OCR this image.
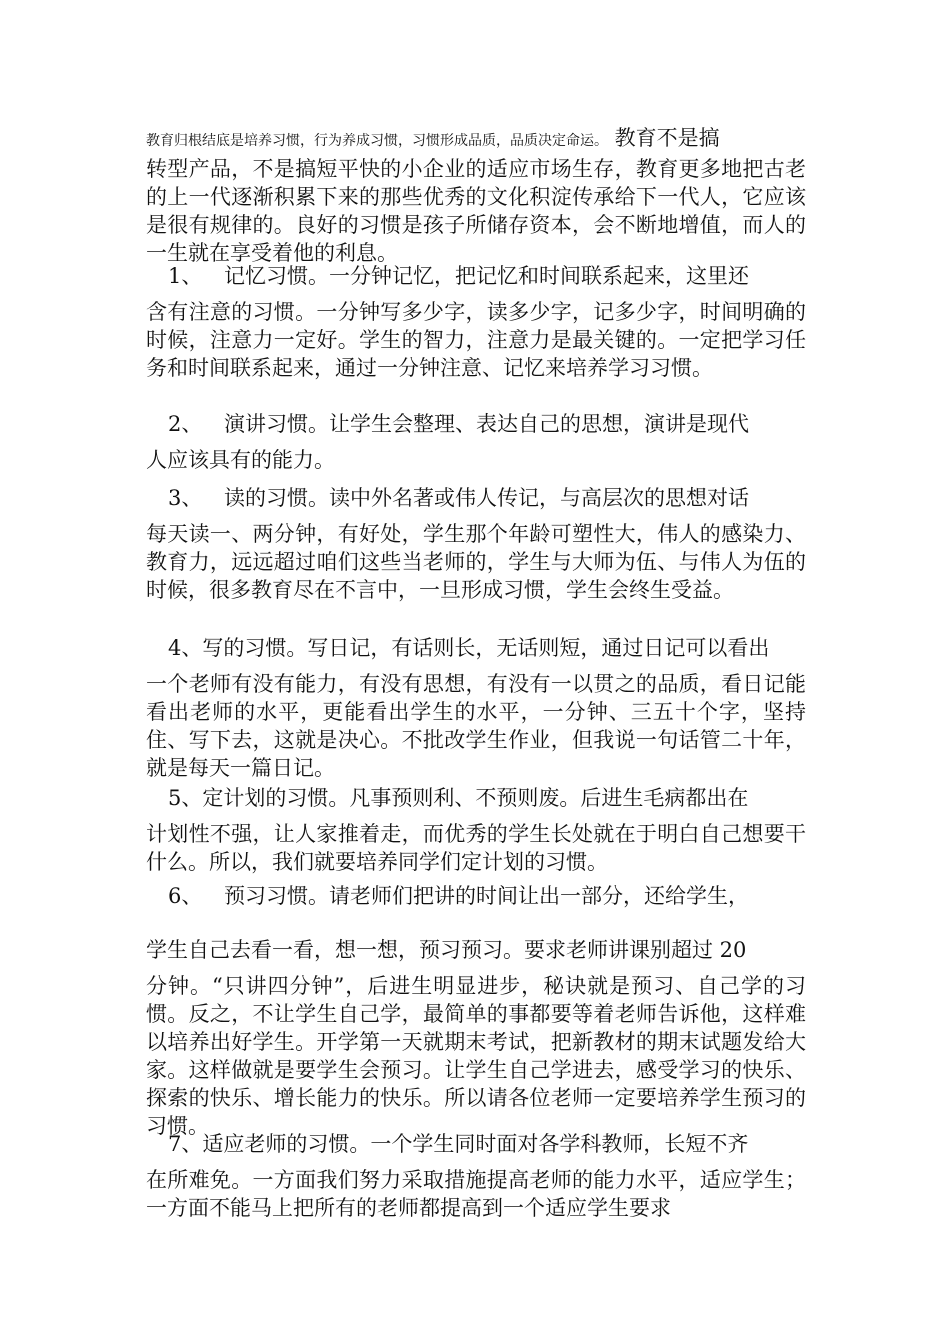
教育归根结底是培养习惯，行为养成习惯，习惯形成品质，品质决定命运。 教育不是搞
转型产品，不是搞短平快的小企业的适应市场生存，教育更多地把古老的上一代逐渐积累下来的那些优秀的文化积淀传承给下一代人，它应该是很有规律的。良好的习惯是孩子所储存资本，会不断地增值，而人的一生就在享受着他的利息。
1、 记忆习惯。一分钟记忆，把记忆和时间联系起来，这里还
含有注意的习惯。一分钟写多少字，读多少字，记多少字，时间明确的时候，注意力一定好。学生的智力，注意力是最关键的。一定把学习任务和时间联系起来，通过一分钟注意、记忆来培养学习习惯。
2、 演讲习惯。让学生会整理、表达自己的思想，演讲是现代
人应该具有的能力。
3、 读的习惯。读中外名著或伟人传记，与高层次的思想对话
每天读一、两分钟，有好处，学生那个年龄可塑性大，伟人的感染力、教育力，远远超过咱们这些当老师的，学生与大师为伍、与伟人为伍的时候，很多教育尽在不言中，一旦形成习惯，学生会终生受益。
4、写的习惯。写日记，有话则长，无话则短，通过日记可以看出
一个老师有没有能力，有没有思想，有没有一以贯之的品质，看日记能看出老师的水平，更能看出学生的水平，一分钟、三五十个字，坚持住、写下去，这就是决心。不批改学生作业，但我说一句话管二十年，就是每天一篇日记。
5、定计划的习惯。凡事预则利、不预则废。后进生毛病都出在
计划性不强，让人家推着走，而优秀的学生长处就在于明白自己想要干什么。所以，我们就要培养同学们定计划的习惯。
6、 预习习惯。请老师们把讲的时间让出一部分，还给学生，
学生自己去看一看，想一想，预习预习。要求老师讲课别超过 20
分钟。“只讲四分钟”，后进生明显进步，秘诀就是预习、自己学的习惯。反之，不让学生自己学，最简单的事都要等着老师告诉他，这样难以培养出好学生。开学第一天就期末考试，把新教材的期末试题发给大家。这样做就是要学生会预习。让学生自己学进去，感受学习的快乐、探索的快乐、增长能力的快乐。所以请各位老师一定要培养学生预习的习惯。
7、适应老师的习惯。一个学生同时面对各学科教师，长短不齐
在所难免。一方面我们努力采取措施提高老师的能力水平，适应学生；一方面不能马上把所有的老师都提高到一个适应学生要求
